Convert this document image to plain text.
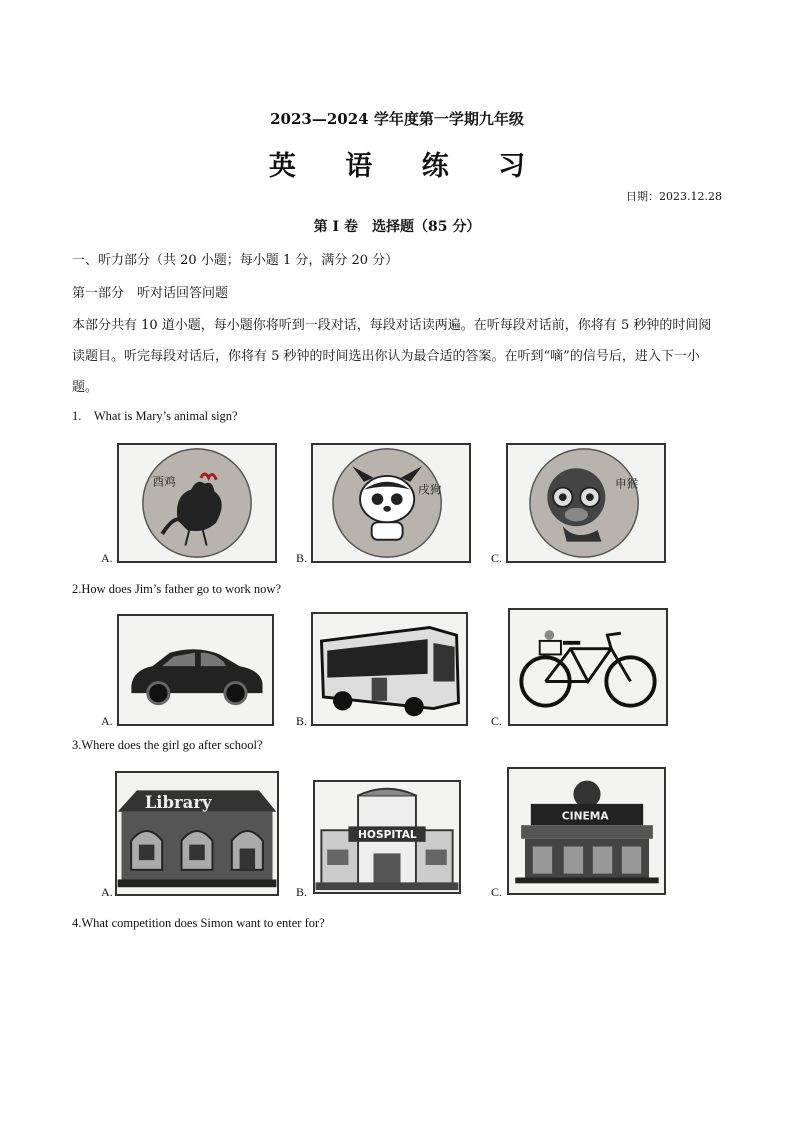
2023—2024 学年度第一学期九年级
英 语 练 习
日期：2023.12.28
第 I 卷　选择题（85 分）
一、听力部分（共 20 小题；每小题 1 分，满分 20 分）
第一部分　听对话回答问题
本部分共有 10 道小题，每小题你将听到一段对话，每段对话读两遍。在听每段对话前，你将有 5 秒钟的时间阅读题目。听完每段对话后，你将有 5 秒钟的时间选出你认为最合适的答案。在听到“嘀”的信号后，进入下一小题。
1.　What is Mary’s animal sign?
A.
酉鸡
B.
戌狗
C.
申猴
2.How does Jim’s father go to work now?
A.	B.	C.
3.Where does the girl go after school?
A.
Library
B.
HOSPITAL
C.
CINEMA
4.What competition does Simon want to enter for?
